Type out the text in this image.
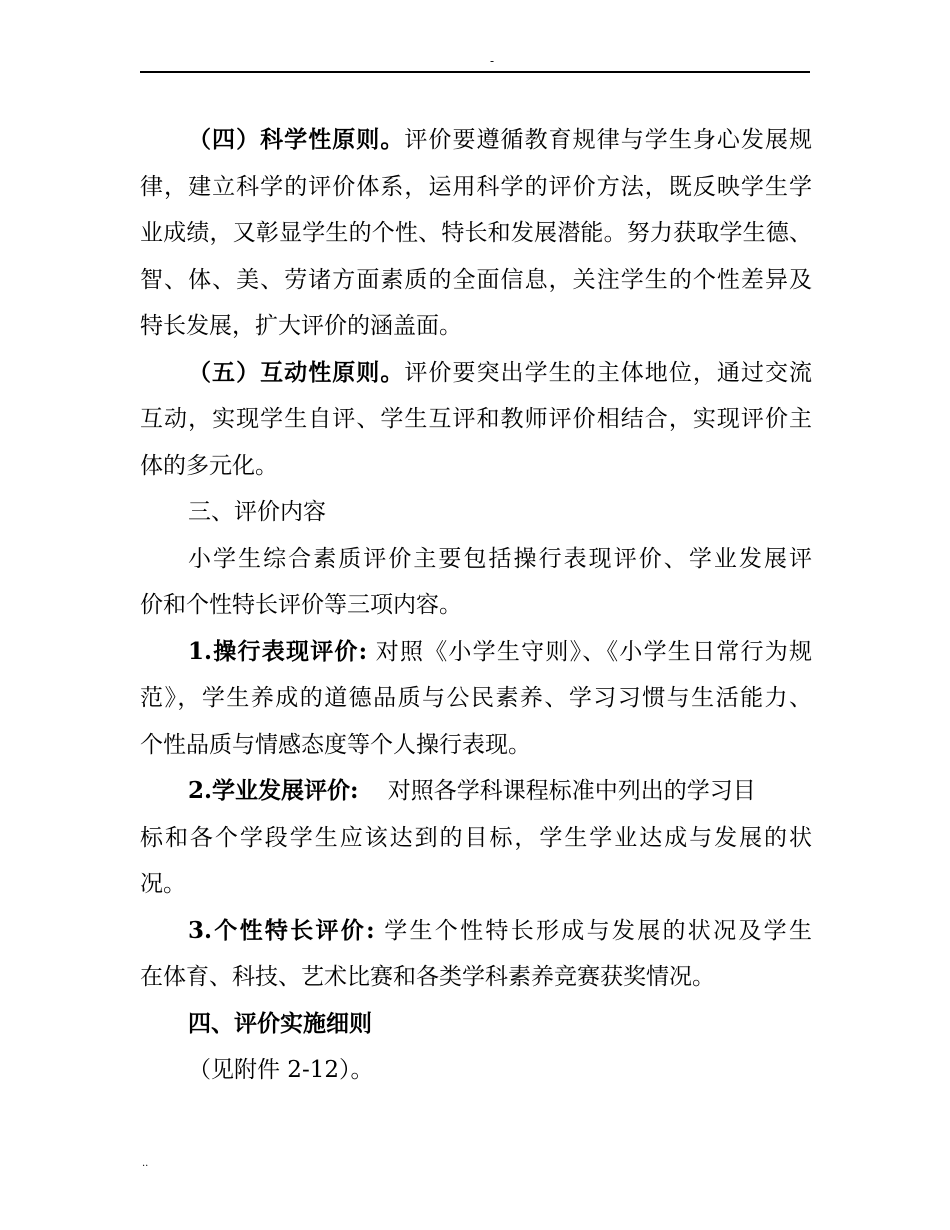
-
（四）科学性原则。评价要遵循教育规律与学生身心发展规
律，建立科学的评价体系，运用科学的评价方法，既反映学生学
业成绩，又彰显学生的个性、特长和发展潜能。努力获取学生德、
智、体、美、劳诸方面素质的全面信息，关注学生的个性差异及
特长发展，扩大评价的涵盖面。
（五）互动性原则。评价要突出学生的主体地位，通过交流
互动，实现学生自评、学生互评和教师评价相结合，实现评价主
体的多元化。
三、评价内容
小学生综合素质评价主要包括操行表现评价、学业发展评
价和个性特长评价等三项内容。
1.操行表现评价: 对照《小学生守则》、《小学生日常行为规
范》，学生养成的道德品质与公民素养、学习习惯与生活能力、
个性品质与情感态度等个人操行表现。
2.学业发展评价:    对照各学科课程标准中列出的学习目
标和各个学段学生应该达到的目标，学生学业达成与发展的状
况。
3.个性特长评价: 学生个性特长形成与发展的状况及学生
在体育、科技、艺术比赛和各类学科素养竞赛获奖情况。
四、评价实施细则
（见附件 2-12）。
..
